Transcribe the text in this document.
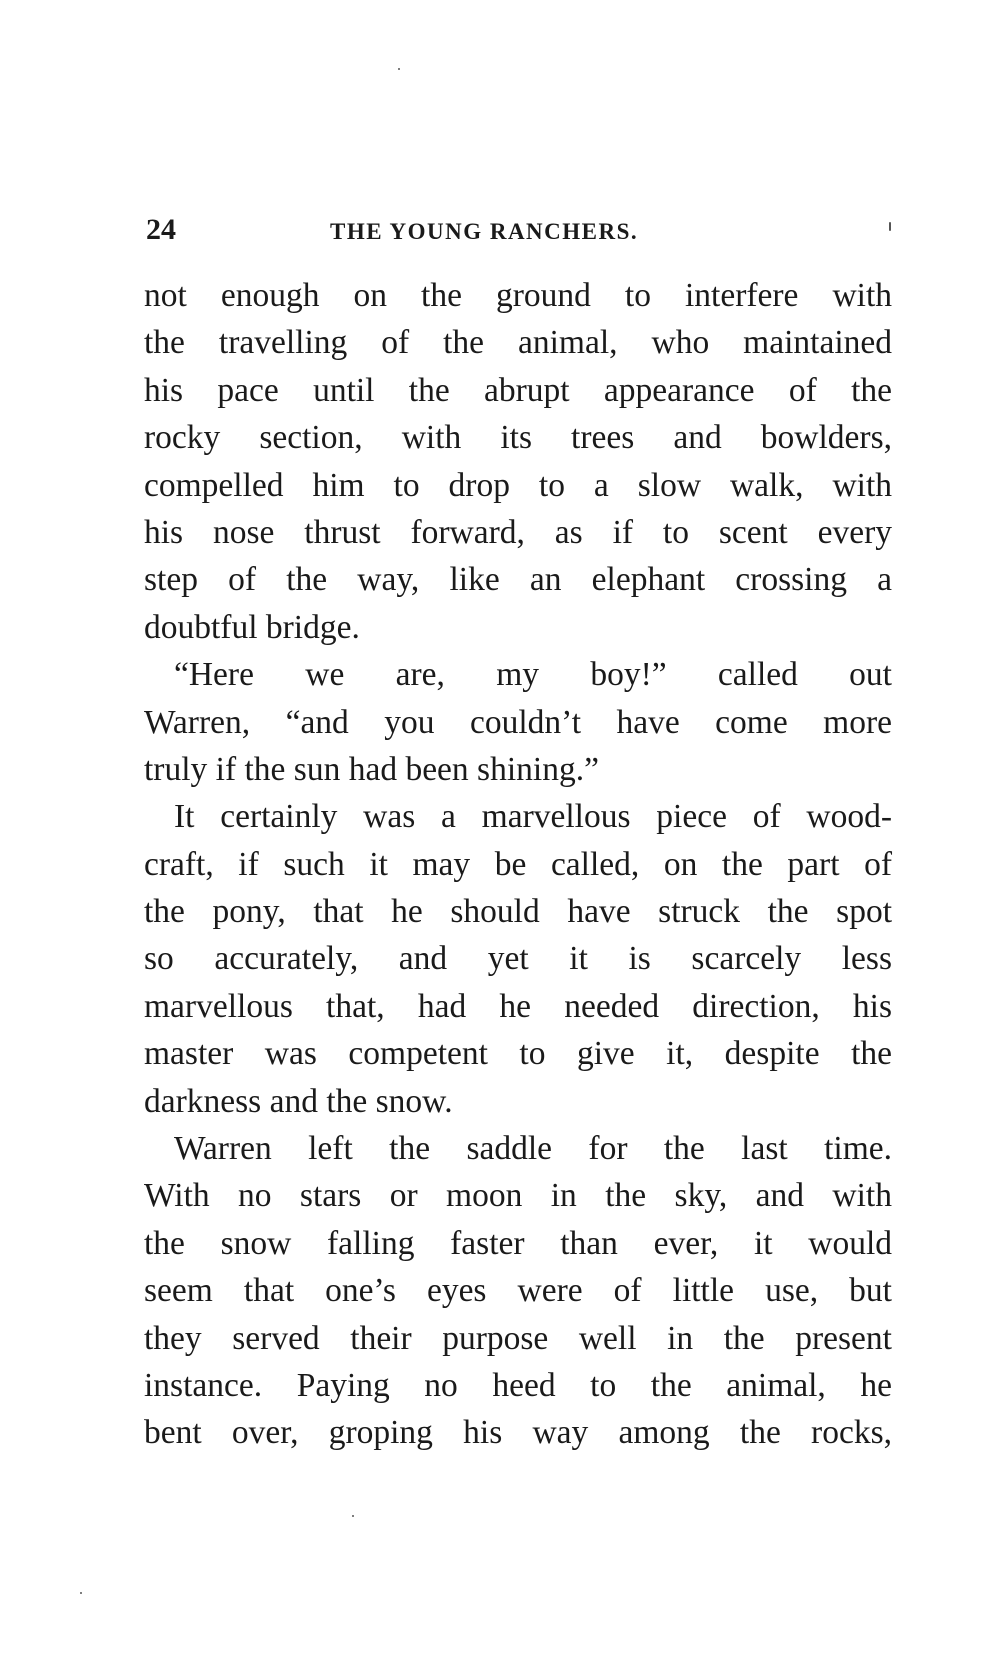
24	THE YOUNG RANCHERS.
not enough on the ground to interfere with
the travelling of the animal, who maintained
his pace until the abrupt appearance of the
rocky section, with its trees and bowlders,
compelled him to drop to a slow walk, with
his nose thrust forward, as if to scent every
step of the way, like an elephant crossing a
doubtful bridge.
“Here we are, my boy!” called out
Warren, “and you couldn’t have come more
truly if the sun had been shining.”
It certainly was a marvellous piece of wood-
craft, if such it may be called, on the part of
the pony, that he should have struck the spot
so accurately, and yet it is scarcely less
marvellous that, had he needed direction, his
master was competent to give it, despite the
darkness and the snow.
Warren left the saddle for the last time.
With no stars or moon in the sky, and with
the snow falling faster than ever, it would
seem that one’s eyes were of little use, but
they served their purpose well in the present
instance. Paying no heed to the animal, he
bent over, groping his way among the rocks,
